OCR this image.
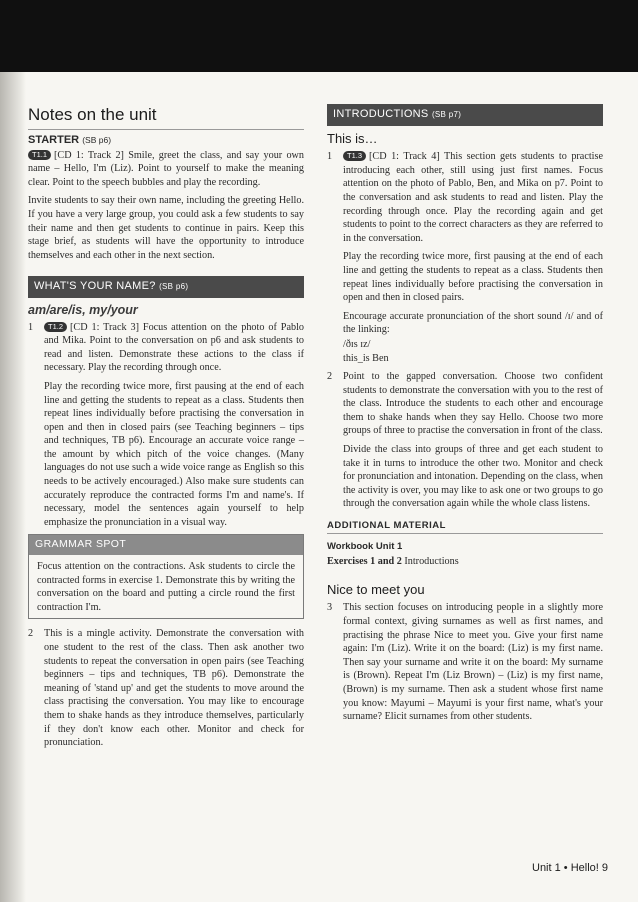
Notes on the unit
STARTER (SB p6)

T1.1 [CD 1: Track 2] Smile, greet the class, and say your own name – Hello, I'm (Liz). Point to yourself to make the meaning clear. Point to the speech bubbles and play the recording.

Invite students to say their own name, including the greeting Hello. If you have a very large group, you could ask a few students to say their name and then get students to continue in pairs. Keep this stage brief, as students will have the opportunity to introduce themselves and each other in the next section.

WHAT'S YOUR NAME? (SB p6)
am/are/is, my/your
1	T1.2 [CD 1: Track 3] Focus attention on the photo of Pablo and Mika. Point to the conversation on p6 and ask students to read and listen. Demonstrate these actions to the class if necessary. Play the recording through once.

Play the recording twice more, first pausing at the end of each line and getting the students to repeat as a class. Students then repeat lines individually before practising the conversation in open and then in closed pairs (see Teaching beginners – tips and techniques, TB p6). Encourage an accurate voice range – the amount by which pitch of the voice changes. (Many languages do not use such a wide voice range as English so this needs to be actively encouraged.) Also make sure students can accurately reproduce the contracted forms I'm and name's. If necessary, model the sentences again yourself to help emphasize the pronunciation in a visual way.

GRAMMAR SPOT
Focus attention on the contractions. Ask students to circle the contracted forms in exercise 1. Demonstrate this by writing the conversation on the board and putting a circle round the first contraction I'm.
2 This is a mingle activity. Demonstrate the conversation with one student to the rest of the class. Then ask another two students to repeat the conversation in open pairs (see Teaching beginners – tips and techniques, TB p6). Demonstrate the meaning of 'stand up' and get the students to move around the class practising the conversation. You may like to encourage them to shake hands as they introduce themselves, particularly if they don't know each other. Monitor and check for pronunciation.

INTRODUCTIONS (SB p7)
This is…
1	T1.3 [CD 1: Track 4] This section gets students to practise introducing each other, still using just first names. Focus attention on the photo of Pablo, Ben, and Mika on p7. Point to the conversation and ask students to read and listen. Play the recording through once. Play the recording again and get students to point to the correct characters as they are referred to in the conversation.

Play the recording twice more, first pausing at the end of each line and getting the students to repeat as a class. Students then repeat lines individually before practising the conversation in open and then in closed pairs.

Encourage accurate pronunciation of the short sound /ɪ/ and of the linking:

/ðɪs ɪz/
this_is Ben
2 Point to the gapped conversation. Choose two confident students to demonstrate the conversation with you to the rest of the class. Introduce the students to each other and encourage them to shake hands when they say Hello. Choose two more groups of three to practise the conversation in front of the class.

Divide the class into groups of three and get each student to take it in turns to introduce the other two. Monitor and check for pronunciation and intonation. Depending on the class, when the activity is over, you may like to ask one or two groups to go through the conversation again while the whole class listens.

ADDITIONAL MATERIAL
Workbook Unit 1

Exercises 1 and 2 Introductions

Nice to meet you
3 This section focuses on introducing people in a slightly more formal context, giving surnames as well as first names, and practising the phrase Nice to meet you. Give your first name again: I'm (Liz). Write it on the board: (Liz) is my first name. Then say your surname and write it on the board: My surname is (Brown). Repeat I'm (Liz Brown) – (Liz) is my first name, (Brown) is my surname. Then ask a student whose first name you know: Mayumi – Mayumi is your first name, what's your surname? Elicit surnames from other students.

Unit 1 • Hello! 9
